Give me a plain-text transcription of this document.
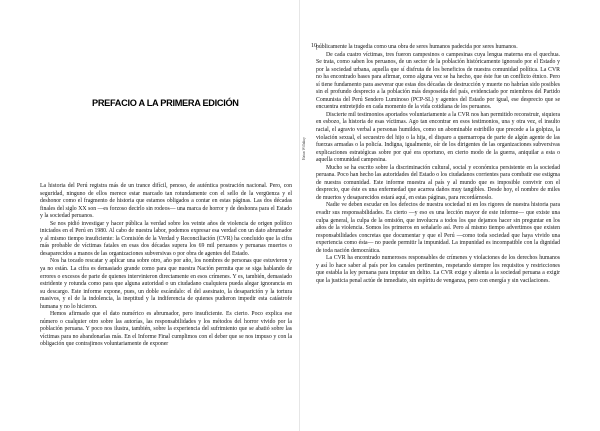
PREFACIO A LA PRIMERA EDICIÓN

La historia del Perú registra más de un trance difícil, penoso, de auténtica postración nacional. Pero, con seguridad, ninguno de ellos merece estar marcado tan rotundamente con el sello de la vergüenza y el deshonor como el fragmento de historia que estamos obligados a contar en estas páginas. Las dos décadas finales del siglo XX son —es forzoso decirlo sin rodeos— una marca de horror y de deshonra para el Estado y la sociedad peruanos.

Se nos pidió investigar y hacer pública la verdad sobre los veinte años de violencia de origen político iniciados en el Perú en 1980. Al cabo de nuestra labor, podemos expresar esa verdad con un dato abrumador y al mismo tiempo insuficiente: la Comisión de la Verdad y Reconciliación (CVR) ha concluido que la cifra más probable de víctimas fatales en esas dos décadas supera los 69 mil peruanos y peruanas muertos o desaparecidos a manos de las organizaciones subversivas o por obra de agentes del Estado.

Nos ha tocado rescatar y aplicar una sobre otro, año por año, los nombres de personas que estuvieron y ya no están. La cifra es demasiado grande como para que nuestra Nación permita que se siga hablando de errores o excesos de parte de quienes intervinieron directamente en esos crímenes. Y es, también, demasiado estridente y rotunda como para que alguna autoridad o un ciudadano cualquiera pueda alegar ignorancia en su descargo. Este informe expone, pues, un doble escándalo: el del asesinato, la desaparición y la tortura masivos, y el de la indolencia, la ineptitud y la indiferencia de quienes pudieron impedir esta catástrofe humana y no lo hicieron.

Hemos afirmado que el dato numérico es abrumador, pero insuficiente. Es cierto. Poco explica ese número o cualquier otro sobre las autorías, las responsabilidades y los métodos del horror vivido por la población peruana. Y poco nos ilustra, también, sobre la experiencia del sufrimiento que se abatió sobre las víctimas para no abandonarlas más. En el Informe Final cumplimos con el deber que se nos impuso y con la obligación que contrajimos voluntariamente de exponer

10
Hatun Willakuy

públicamente la tragedia como una obra de seres humanos padecida por seres humanos.

De cada cuatro víctimas, tres fueron campesinos o campesinas cuya lengua materna era el quechua. Se trata, como saben los peruanos, de un sector de la población históricamente ignorado por el Estado y por la sociedad urbana, aquella que sí disfruta de los beneficios de nuestra comunidad política. La CVR no ha encontrado bases para afirmar, como alguna vez se ha hecho, que éste fue un conflicto étnico. Pero sí tiene fundamento para aseverar que estas dos décadas de destrucción y muerte no habrían sido posibles sin el profundo desprecio a la población más desposeída del país, evidenciado por miembros del Partido Comunista del Perú Sendero Luminoso (PCP-SL) y agentes del Estado por igual, ese desprecio que se encuentra entretejido en cada momento de la vida cotidiana de los peruanos.

Discierte mil testimonios aportados voluntariamente a la CVR nos han permitido reconstruir, siquiera en esbozo, la historia de esas víctimas. Ago tan encontrar en esos testimonios, una y otra vez, el insulto racial, el agravio verbal a personas humildes, como un abominable estribillo que precede a la golpiza, la violación sexual, el secuestro del hijo o la hija, el disparo a quemarropa de parte de algún agente de las fuerzas armadas o la policía. Indigna, igualmente, oír de los dirigentes de las organizaciones subversivas explicaciones estratégicas sobre por qué era oportuno, en cierto modo de la guerra, aniquilar a esta o aquella comunidad campesina.

Mucho se ha escrito sobre la discriminación cultural, social y económica persistente en la sociedad peruana. Poco han hecho las autoridades del Estado o los ciudadanos corrientes para combatir ese estigma de nuestra comunidad. Este informe muestra al país y al mundo que es imposible convivir con el desprecio, que éste es una enfermedad que acarrea daños muy tangibles. Desde hoy, el nombre de miles de muertos y desaparecidos estará aquí, en estas páginas, para recordárnoslo.

Nadie ve deben escudar en los defectos de nuestra sociedad ni en los rigores de nuestra historia para evadir sus responsabilidades. Es cierto —y eso es una lección mayor de este informe— que existe una culpa general, la culpa de la omisión, que involucra a todos los que dejamos hacer sin preguntar en los años de la violencia. Somos los primeros en señalarlo así. Pero al mismo tiempo advertimos que existen responsabilidades concretas que documentar y que el Perú —como toda sociedad que haya vivido una experiencia como ésta— no puede permitir la impunidad. La impunidad es incompatible con la dignidad de toda nación democrática.

La CVR ha encontrado numerosos responsables de crímenes y violaciones de los derechos humanos y así lo hace saber al país por los canales pertinentes, respetando siempre los requisitos y restricciones que establa la ley peruana para imputar un delito. La CVR exige y alienta a la sociedad peruana a exigir que la justicia penal actúe de inmediato, sin espíritu de venganza, pero con energía y sin vacilaciones.
